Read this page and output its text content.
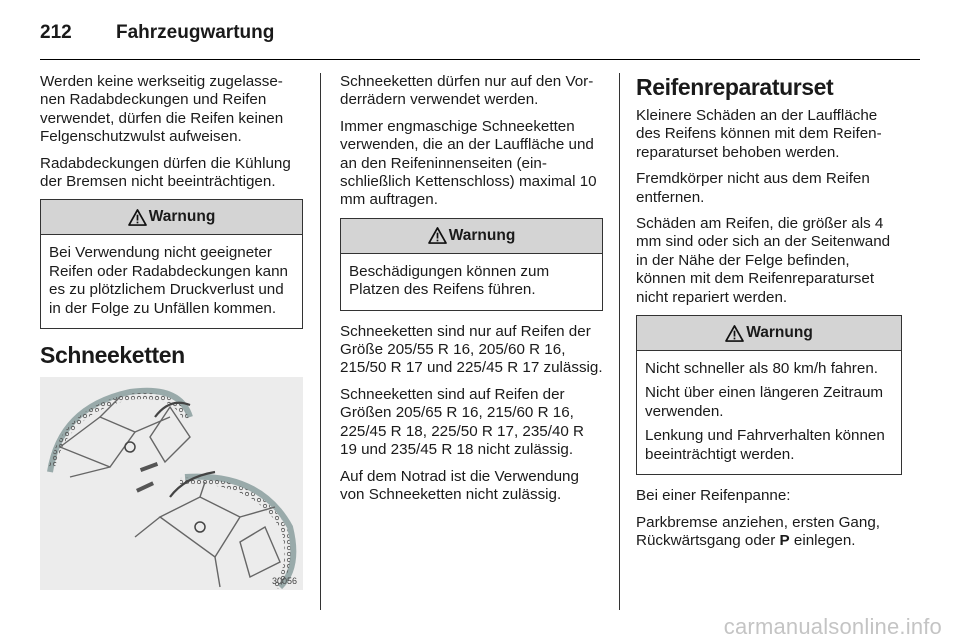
212	Fahrzeugwartung

Werden keine werkseitig zugelassenen Radabdeckungen und Reifen verwendet, dürfen die Reifen keinen Felgenschutzwulst aufweisen.

Radabdeckungen dürfen die Kühlung der Bremsen nicht beeinträchtigen.

Warnung

Bei Verwendung nicht geeigneter Reifen oder Radabdeckungen kann es zu plötzlichem Druckverlust und in der Folge zu Unfällen kommen.

Schneeketten
30056

Schneeketten dürfen nur auf den Vorderrädern verwendet werden.

Immer engmaschige Schneeketten verwenden, die an der Lauffläche und an den Reifeninnenseiten (einschließlich Kettenschloss) maximal 10 mm auftragen.

Warnung

Beschädigungen können zum Platzen des Reifens führen.

Schneeketten sind nur auf Reifen der Größe 205/55 R 16, 205/60 R 16, 215/50 R 17 und 225/45 R 17 zulässig.

Schneeketten sind auf Reifen der Größen 205/65 R 16, 215/60 R 16, 225/45 R 18, 225/50 R 17, 235/40 R 19 und 235/45 R 18 nicht zulässig.

Auf dem Notrad ist die Verwendung von Schneeketten nicht zulässig.

Reifenreparaturset

Kleinere Schäden an der Lauffläche des Reifens können mit dem Reifenreparaturset behoben werden.

Fremdkörper nicht aus dem Reifen entfernen.

Schäden am Reifen, die größer als 4 mm sind oder sich an der Seitenwand in der Nähe der Felge befinden, können mit dem Reifenreparaturset nicht repariert werden.

Warnung

Nicht schneller als 80 km/h fahren.

Nicht über einen längeren Zeitraum verwenden.

Lenkung und Fahrverhalten können beeinträchtigt werden.

Bei einer Reifenpanne:

Parkbremse anziehen, ersten Gang, Rückwärtsgang oder P einlegen.

carmanualsonline.info
